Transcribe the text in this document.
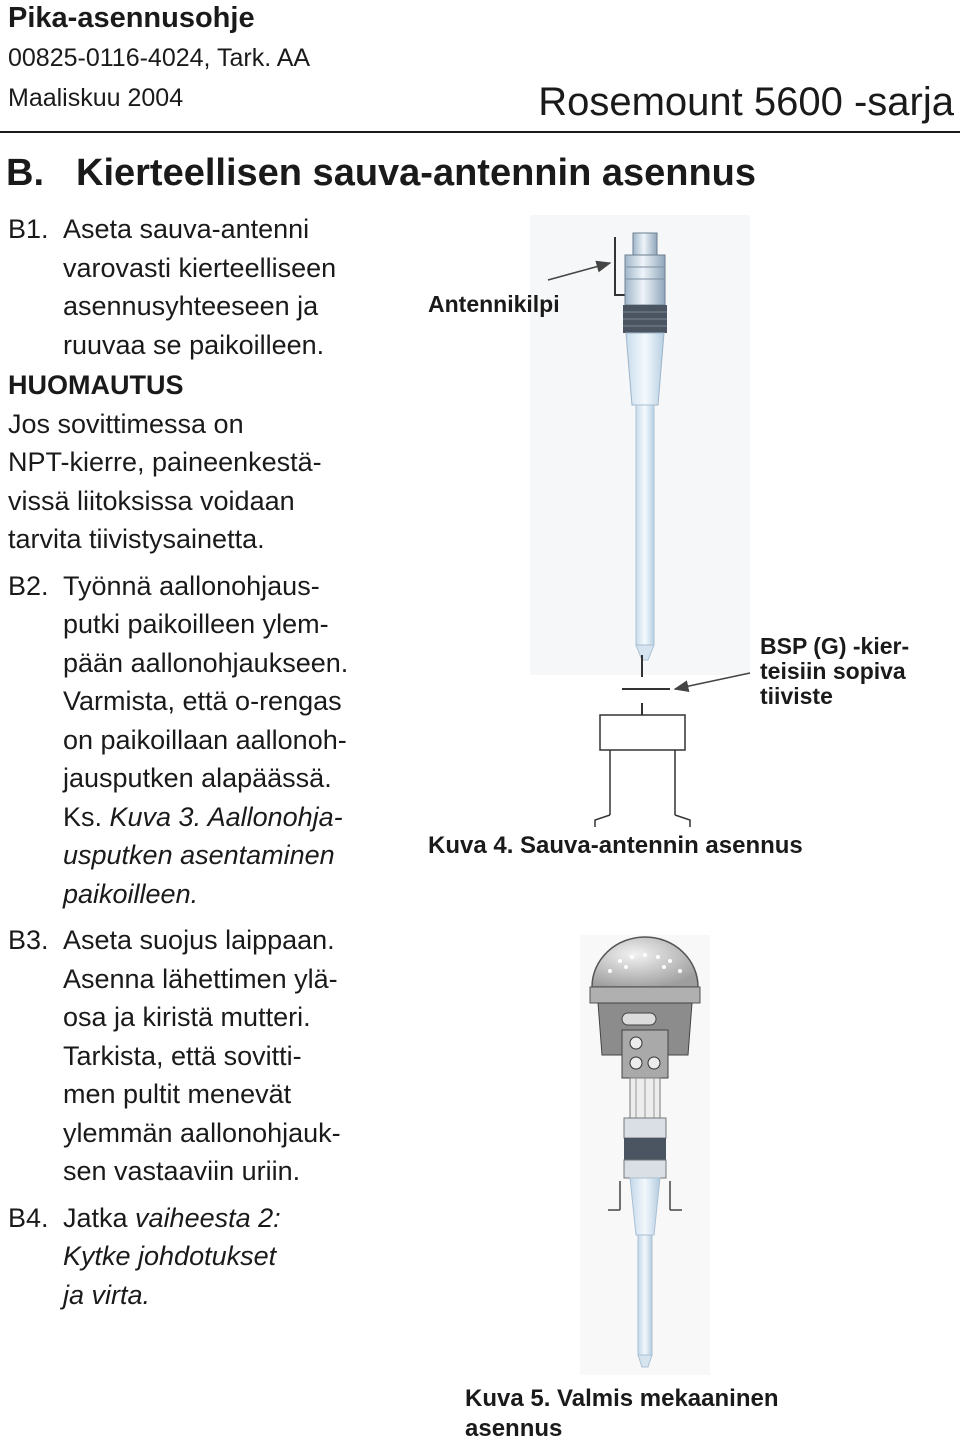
Pika-asennusohje
00825-0116-4024, Tark. AA
Maaliskuu 2004	Rosemount 5600 -sarja
B. Kierteellisen sauva-antennin asennus
B1. Aseta sauva-antenni
varovasti kierteelliseen
asennusyhteeseen ja
ruuvaa se paikoilleen.
HUOMAUTUS
Jos sovittimessa on
NPT-kierre, paineenkestä-
vissä liitoksissa voidaan
tarvita tiivistysainetta.
B2. Työnnä aallonohjaus-
putki paikoilleen ylem-
pään aallonohjaukseen.
Varmista, että o-rengas
on paikoillaan aallonoh-
jausputken alapäässä.
Ks. Kuva 3. Aallonohja-
usputken asentaminen
paikoilleen.
B3. Aseta suojus laippaan.
Asenna lähettimen ylä-
osa ja kiristä mutteri.
Tarkista, että sovitti-
men pultit menevät
ylemmän aallonohjauk-
sen vastaaviin uriin.
B4. Jatka vaiheesta 2:
Kytke johdotukset
ja virta.
Antennikilpi
BSP (G) -kier-
teisiin sopiva
tiiviste
Kuva 4. Sauva-antennin asennus
Kuva 5. Valmis mekaaninen
asennus
